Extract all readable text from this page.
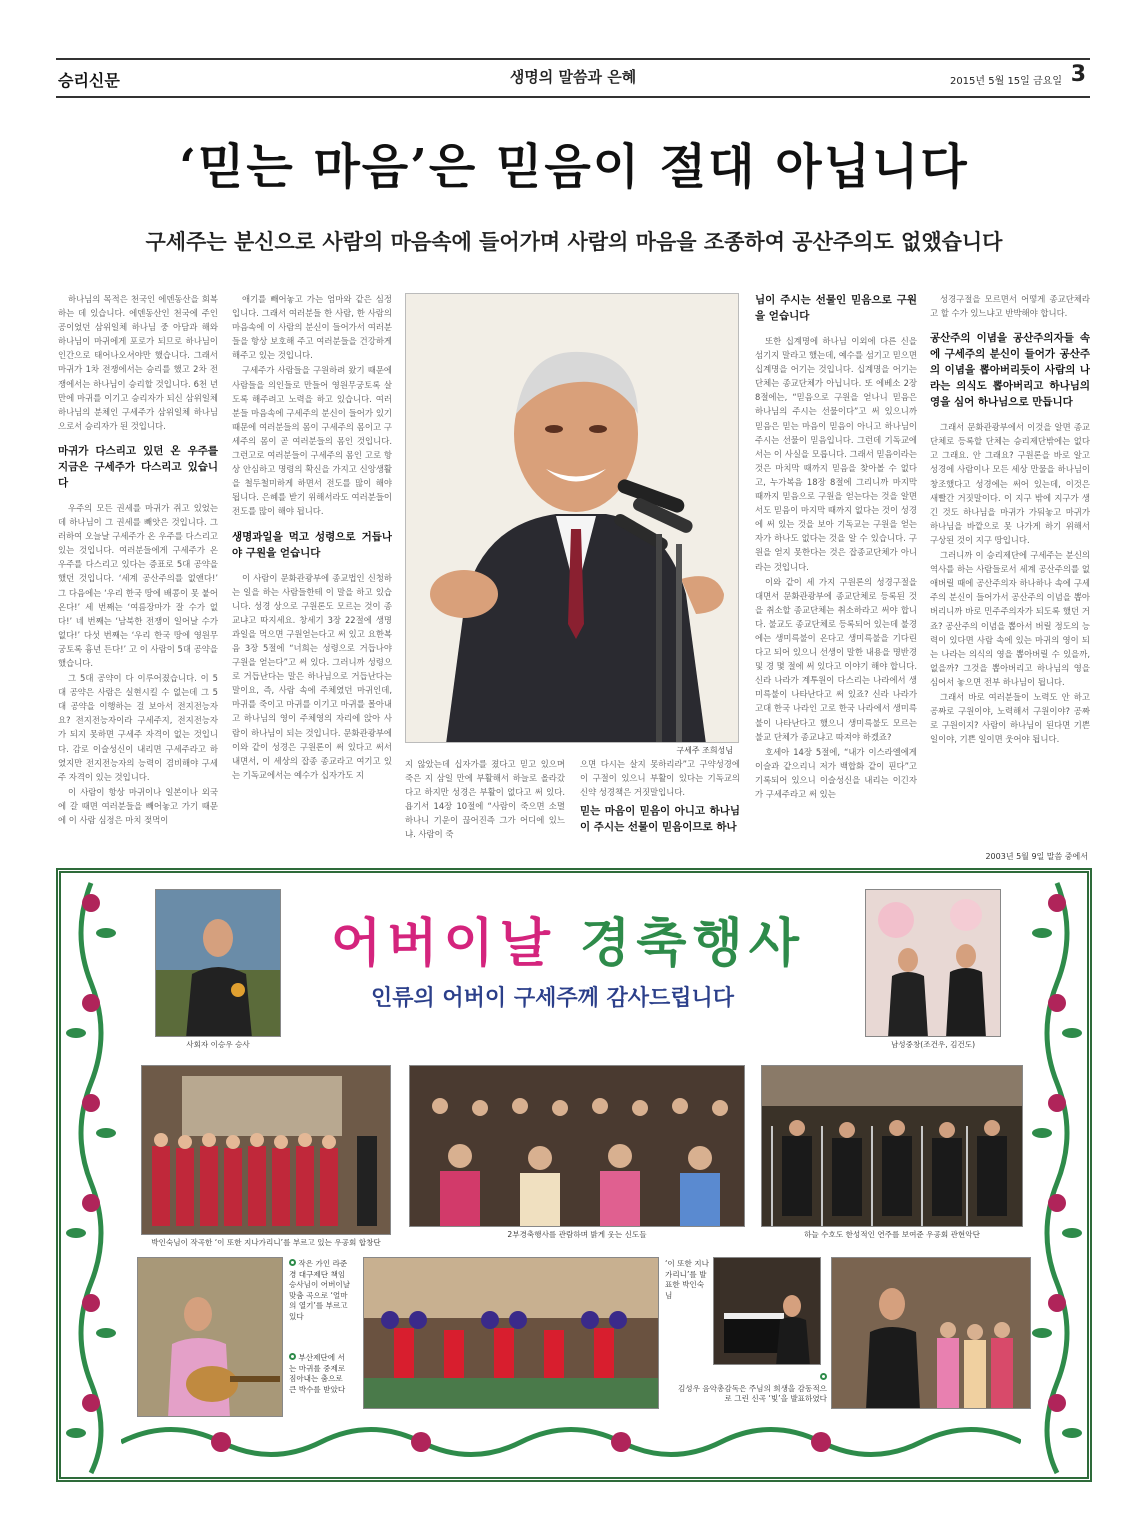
승리신문	생명의 말씀과 은혜	2015년 5월 15일 금요일 3
‘믿는 마음’은 믿음이 절대 아닙니다
구세주는 분신으로 사람의 마음속에 들어가며 사람의 마음을 조종하여 공산주의도 없앴습니다

하나님의 목적은 천국인 에덴동산을 회복하는 데 있습니다. 에덴동산인 천국에 주인공이었던 삼위일체 하나님 중 아담과 해와 하나님이 마귀에게 포로가 되므로 하나님이 인간으로 태어나오셔야만 했습니다. 그래서 마귀가 1차 전쟁에서는 승리를 했고 2차 전쟁에서는 하나님이 승리할 것입니다. 6천 년 만에 마귀를 이기고 승리자가 되신 삼위일체 하나님의 분체인 구세주가 삼위일체 하나님으로서 승리자가 된 것입니다.

마귀가 다스리고 있던 온 우주를 지금은 구세주가 다스리고 있습니다

우주의 모든 권세를 마귀가 쥐고 있었는데 하나님이 그 권세를 빼앗은 것입니다. 그러하여 오늘날 구세주가 온 우주를 다스리고 있는 것입니다. 여러분들에게 구세주가 온 우주를 다스리고 있다는 증표로 5대 공약을 했던 것입니다. ‘세계 공산주의를 없앤다!’ 그 다음에는 ‘우리 한국 땅에 배콩이 못 붙어 온다!’ 세 번째는 ‘여름장마가 잘 수가 없다!’ 네 번째는 ‘남북한 전쟁이 일어날 수가 없다!’ 다섯 번째는 ‘우리 한국 땅에 영원무궁토록 흉년 든다!’ 고 이 사람이 5대 공약을 했습니다.

그 5대 공약이 다 이루어졌습니다. 이 5대 공약은 사람은 실현시킬 수 없는데 그 5대 공약을 이행하는 걸 보아서 전지전능자요? 전지전능자이라 구세주지, 전지전능자가 되지 못하면 구세주 자격이 없는 것입니다. 감로 이슬성신이 내리면 구세주라고 하였지만 전지전능자의 능력이 겸비해야 구세주 자격이 있는 것입니다.

이 사람이 항상 마귀이나 일본이나 외국에 갈 때면 여러분들을 빼어놓고 가기 때문에 이 사람 심정은 마치 젖먹이

애기를 빼어놓고 가는 엄마와 같은 심정입니다. 그래서 여러분들 한 사람, 한 사람의 마음속에 이 사람의 분신이 들어가서 여러분들을 항상 보호해 주고 여러분들을 건강하게 해주고 있는 것입니다.

구세주가 사람들을 구원하려 왔기 때문에 사람들을 의인들로 만들어 영원무궁토록 살도록 해주려고 노력을 하고 있습니다. 여러분들 마음속에 구세주의 분신이 들어가 있기 때문에 여러분들의 몸이 구세주의 몸이고 구세주의 몸이 곧 여러분들의 몸인 것입니다. 그런고로 여러분들이 구세주의 몸인 고로 항상 안심하고 명령의 확신을 가지고 신앙생활을 철두철미하게 하면서 전도를 많이 해야 됩니다. 은혜를 받기 위해서라도 여러분들이 전도를 많이 해야 됩니다.

생명과일을 먹고 성령으로 거듭나야 구원을 얻습니다

이 사람이 문화관광부에 종교법인 신청하는 일을 하는 사람들한테 이 말을 하고 있습니다. 성경 상으로 구원론도 모르는 것이 종교냐고 따지세요. 창세기 3장 22절에 생명과일을 먹으면 구원얻는다고 써 있고 요한복음 3장 5절에 “너희는 성령으로 거듭나야 구원을 얻는다”고 써 있다. 그러니까 성령으로 거듭난다는 말은 하나님으로 거듭난다는 말이요, 즉, 사람 속에 주체였던 마귀인데, 마귀를 죽이고 마귀를 이기고 마귀를 몰아내고 하나님의 영이 주체영의 자리에 앉아 사람이 하나님이 되는 것입니다. 문화관광부에 이와 같이 성경은 구원론이 써 있다고 써서 내면서, 이 세상의 잡종 종교라고 여기고 있는 기독교에서는 예수가 십자가도 지

구세주 조희성님

지 않았는데 십자가를 졌다고 믿고 있으며 죽은 지 삼일 만에 부활해서 하늘로 올라갔다고 하지만 성경은 부활이 없다고 써 있다. 욥기서 14장 10절에 “사람이 죽으면 소멸하나니 기운이 끊어진즉 그가 어디에 있느냐. 사람이 죽

으면 다시는 살지 못하리라”고 구약성경에 이 구절이 있으니 부활이 있다는 기독교의 신약 성경책은 거짓말입니다.

믿는 마음이 믿음이 아니고 하나님이 주시는 선물이 믿음이므로 하나
님이 주시는 선물인 믿음으로 구원을 얻습니다

또한 십계명에 하나님 이외에 다른 신을 섬기지 말라고 했는데, 예수를 섬기고 믿으면 십계명을 어기는 것입니다. 십계명을 어기는 단체는 종교단체가 아닙니다. 또 에베소 2장 8절에는, “믿음으로 구원을 얻나니 믿음은 하나님의 주시는 선물이다”고 써 있으니까 믿음은 믿는 마음이 믿음이 아니고 하나님이 주시는 선물이 믿음입니다. 그런데 기독교에서는 이 사실을 모릅니다. 그래서 믿음이라는 것은 마치막 때까지 믿음을 찾아볼 수 없다고, 누가복음 18장 8절에 그리니까 마지막 때까지 믿음으로 구원을 얻는다는 것을 알면서도 믿음이 마지막 때까지 없다는 것이 성경에 써 있는 것을 보아 기독교는 구원을 얻는 자가 하나도 없다는 것을 알 수 있습니다. 구원을 얻지 못한다는 것은 잡종교단체가 아니라는 것입니다.

이와 같이 세 가지 구원론의 성경구절을 대면서 문화관광부에 종교단체로 등록된 것을 취소할 종교단체는 취소하라고 써야 합니다. 불교도 종교단체로 등록되어 있는데 불경에는 생미륵불이 온다고 생미륵불을 기다린다고 되어 있으니 선생이 말한 내용을 명반경 및 경 몇 절에 써 있다고 이야기 해야 합니다. 신라 나라가 계투원이 다스리는 나라에서 생미륵불이 나타난다고 써 있죠? 신라 나라가 고대 한국 나라인 고로 한국 나라에서 생미륵불이 나타난다고 했으니 생미륵불도 모르는 불교 단체가 종교냐고 따져야 하겠죠?

호세아 14장 5절에, “내가 이스라엘에게 이슬과 같으리니 저가 백합화 같이 핀다”고 기록되어 있으니 이슬성신을 내리는 이긴자가 구세주라고 써 있는

성경구절을 모르면서 어떻게 종교단체라고 할 수가 있느냐고 반박해야 합니다.

공산주의 이념을 공산주의자들 속에 구세주의 분신이 들어가 공산주의 이념을 뽑아버리듯이 사람의 나라는 의식도 뽑아버리고 하나님의 영을 심어 하나님으로 만듭니다

그래서 문화관광부에서 이것을 알면 종교단체로 등록할 단체는 승리제단밖에는 없다고 그래요. 안 그래요? 구원론을 바로 알고 성경에 사람이나 모든 세상 만물을 하나님이 창조했다고 성경에는 써어 있는데, 이것은 새빨간 거짓말이다. 이 지구 밖에 지구가 생긴 것도 하나님을 마귀가 가둬놓고 마귀가 하나님을 바깥으로 못 나가게 하기 위해서 구상된 것이 지구 땅입니다.

그러니까 이 승리제단에 구세주는 분신의 역사를 하는 사람들로서 세계 공산주의를 없애버릴 때에 공산주의자 하나하나 속에 구세주의 분신이 들어가서 공산주의 이념을 뽑아버리니까 바로 민주주의자가 되도록 했던 거죠? 공산주의 이념을 뽑아서 버릴 정도의 능력이 있다면 사람 속에 있는 마귀의 영이 되는 나라는 의식의 영을 뽑아버릴 수 있을까, 없을까? 그것을 뽑아버리고 하나님의 영을 심어서 놓으면 전부 하나님이 됩니다.

그래서 바로 여러분들이 노력도 안 하고 공짜로 구원이야, 노력해서 구원이야? 공짜로 구원이지? 사람이 하나님이 된다면 기쁜 일이야, 기쁜 일이면 웃어야 됩니다.

2003년 5월 9일 말씀 중에서
어버이날 경축행사
인류의 어버이 구세주께 감사드립니다
사회자 이승우 승사	남성중창(조건우, 김건도)
박인숙님이 작곡한 ‘이 또한 지나가리니’를 부르고 있는 우공회 합창단
2부경축행사를 관람하며 밝게 웃는 신도들	하늘 수호도 한성적인 연주를 보여준 우공회 관현악단
작은 가인 라준경 대구제단 책임승사님이 어버이날 맞춤 곡으로 ‘얼마의 열기’를 부르고 있다
부산제단에 서는 마귀를 중제로 짐아내는 춤으로 큰 박수를 받았다
‘이 또한 지나가리니’를 발표한 박인숙 님

김성우 음악총감독은 주님의 희생을 감동적으로 그린 신곡 ‘빛’을 발표하였다
